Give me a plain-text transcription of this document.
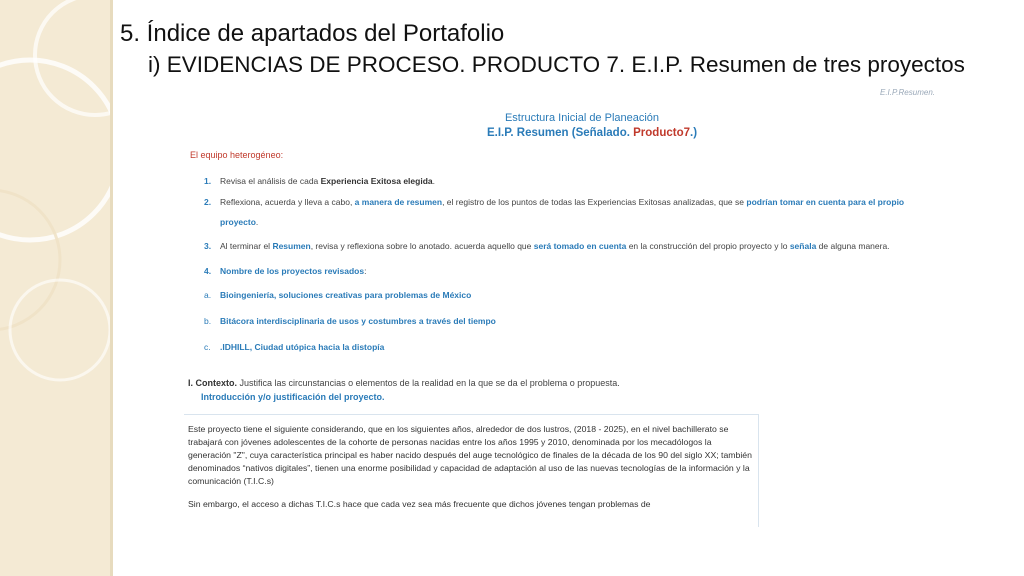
5. Índice de apartados del Portafolio
i) EVIDENCIAS DE PROCESO. PRODUCTO 7. E.I.P. Resumen de tres proyectos
E.I.P.Resumen.
Estructura Inicial de Planeación
E.I.P. Resumen (Señalado. Producto7.)
El equipo heterogéneo:
1. Revisa el análisis de cada Experiencia Exitosa elegida.
2. Reflexiona, acuerda y lleva a cabo, a manera de resumen, el registro de los puntos de todas las Experiencias Exitosas analizadas, que se podrían tomar en cuenta para el propio proyecto.
3. Al terminar el Resumen, revisa y reflexiona sobre lo anotado. acuerda aquello que será tomado en cuenta en la construcción del propio proyecto y lo señala de alguna manera.
4. Nombre de los proyectos revisados:
a. Bioingeniería, soluciones creativas para problemas de México
b. Bitácora interdisciplinaria de usos y costumbres a través del tiempo
c. .IDHILL, Ciudad utópica hacia la distopía
I. Contexto. Justifica las circunstancias o elementos de la realidad en la que se da el problema o propuesta.
Introducción y/o justificación del proyecto.

Este proyecto tiene el siguiente considerando, que en los siguientes años, alrededor de dos lustros, (2018 - 2025), en el nivel bachillerato se trabajará con jóvenes adolescentes de la cohorte de personas nacidas entre los años 1995 y 2010, denominada por los mecadólogos la generación "Z", cuya característica principal es haber nacido después del auge tecnológico de finales de la década de los 90 del siglo XX; también denominados “nativos digitales”, tienen una enorme posibilidad y capacidad de adaptación al uso de las nuevas tecnologías de la información y la comunicación (T.I.C.s)

Sin embargo, el acceso a dichas T.I.C.s hace que cada vez sea más frecuente que dichos jóvenes tengan problemas de
